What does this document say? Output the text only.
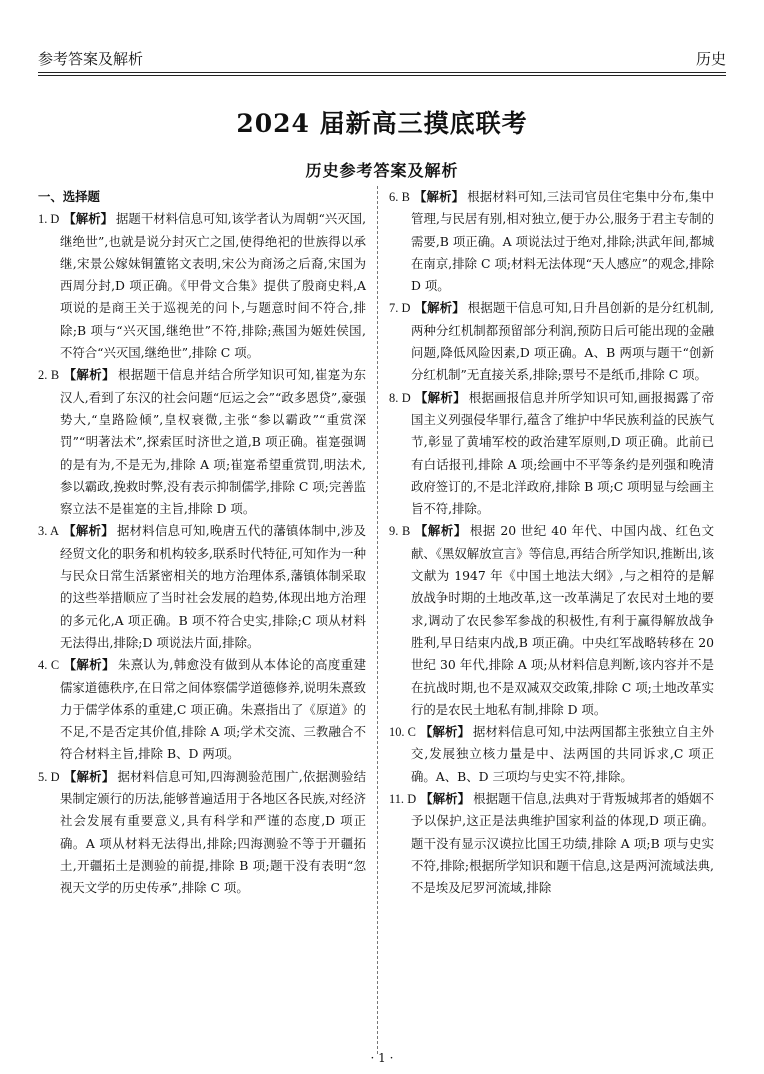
参考答案及解析	历史
2024 届新高三摸底联考
历史参考答案及解析
一、选择题

1. D 【解析】 据题干材料信息可知,该学者认为周朝“兴灭国,继绝世”,也就是说分封灭亡之国,使得绝祀的世族得以承继,宋景公嫁妹铜簠铭文表明,宋公为商汤之后裔,宋国为西周分封,D 项正确。《甲骨文合集》提供了殷商史料,A 项说的是商王关于巡视羌的问卜,与题意时间不符合,排除;B 项与“兴灭国,继绝世”不符,排除;燕国为姬姓侯国,不符合“兴灭国,继绝世”,排除 C 项。

2. B 【解析】 根据题干信息并结合所学知识可知,崔寔为东汉人,看到了东汉的社会问题“厄运之会”“政多恩贷”,豪强势大,“皇路险倾”,皇权衰微,主张“参以霸政”“重赏深罚”“明著法术”,探索匡时济世之道,B 项正确。崔寔强调的是有为,不是无为,排除 A 项;崔寔希望重赏罚,明法术,参以霸政,挽救时弊,没有表示抑制儒学,排除 C 项;完善监察立法不是崔寔的主旨,排除 D 项。

3. A 【解析】 据材料信息可知,晚唐五代的藩镇体制中,涉及经贸文化的职务和机构较多,联系时代特征,可知作为一种与民众日常生活紧密相关的地方治理体系,藩镇体制采取的这些举措顺应了当时社会发展的趋势,体现出地方治理的多元化,A 项正确。B 项不符合史实,排除;C 项从材料无法得出,排除;D 项说法片面,排除。

4. C 【解析】 朱熹认为,韩愈没有做到从本体论的高度重建儒家道德秩序,在日常之间体察儒学道德修养,说明朱熹致力于儒学体系的重建,C 项正确。朱熹指出了《原道》的不足,不是否定其价值,排除 A 项;学术交流、三教融合不符合材料主旨,排除 B、D 两项。

5. D 【解析】 据材料信息可知,四海测验范围广,依据测验结果制定颁行的历法,能够普遍适用于各地区各民族,对经济社会发展有重要意义,具有科学和严谨的态度,D 项正确。A 项从材料无法得出,排除;四海测验不等于开疆拓土,开疆拓土是测验的前提,排除 B 项;题干没有表明“忽视天文学的历史传承”,排除 C 项。

6. B 【解析】 根据材料可知,三法司官员住宅集中分布,集中管理,与民居有别,相对独立,便于办公,服务于君主专制的需要,B 项正确。A 项说法过于绝对,排除;洪武年间,都城在南京,排除 C 项;材料无法体现“天人感应”的观念,排除 D 项。

7. D 【解析】 根据题干信息可知,日升昌创新的是分红机制,两种分红机制都预留部分利润,预防日后可能出现的金融问题,降低风险因素,D 项正确。A、B 两项与题干“创新分红机制”无直接关系,排除;票号不是纸币,排除 C 项。

8. D 【解析】 根据画报信息并所学知识可知,画报揭露了帝国主义列强侵华罪行,蕴含了维护中华民族利益的民族气节,彰显了黄埔军校的政治建军原则,D 项正确。此前已有白话报刊,排除 A 项;绘画中不平等条约是列强和晚清政府签订的,不是北洋政府,排除 B 项;C 项明显与绘画主旨不符,排除。

9. B 【解析】 根据 20 世纪 40 年代、中国内战、红色文献、《黑奴解放宣言》等信息,再结合所学知识,推断出,该文献为 1947 年《中国土地法大纲》,与之相符的是解放战争时期的土地改革,这一改革满足了农民对土地的要求,调动了农民参军参战的积极性,有利于赢得解放战争胜利,早日结束内战,B 项正确。中央红军战略转移在 20 世纪 30 年代,排除 A 项;从材料信息判断,该内容并不是在抗战时期,也不是双减双交政策,排除 C 项;土地改革实行的是农民土地私有制,排除 D 项。

10. C 【解析】 据材料信息可知,中法两国都主张独立自主外交,发展独立核力量是中、法两国的共同诉求,C 项正确。A、B、D 三项均与史实不符,排除。

11. D 【解析】 根据题干信息,法典对于背叛城邦者的婚姻不予以保护,这正是法典维护国家利益的体现,D 项正确。题干没有显示汉谟拉比国王功绩,排除 A 项;B 项与史实不符,排除;根据所学知识和题干信息,这是两河流域法典,不是埃及尼罗河流域,排除

· 1 ·
